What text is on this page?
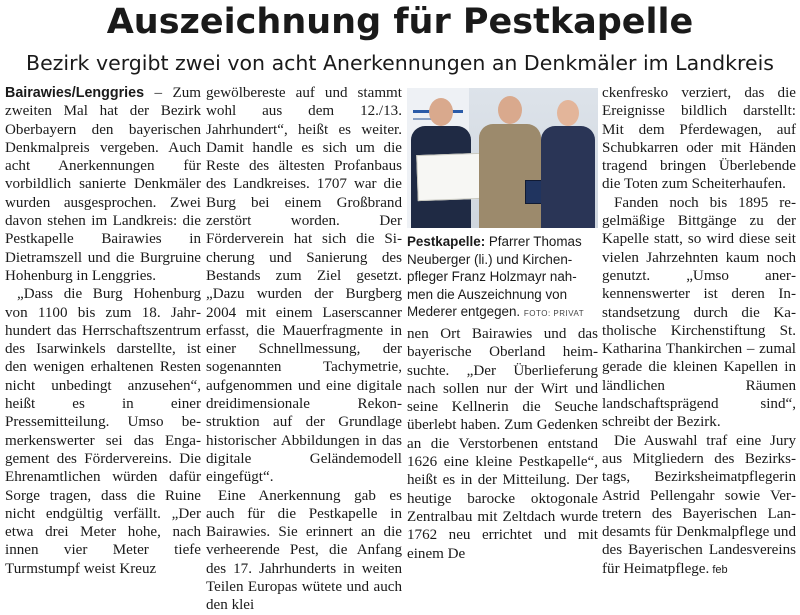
Auszeichnung für Pestkapelle
Bezirk vergibt zwei von acht Anerkennungen an Denkmäler im Landkreis

Bairawies/Lenggries – Zum zweiten Mal hat der Bezirk Oberbayern den bayerischen Denkmalpreis vergeben. Auch acht Anerkennungen für vorbildlich sanierte Denkmäler wurden ausgesprochen. Zwei davon stehen im Landkreis: die Pestkapelle Bairawies in Dietramszell und die Burgruine Hohenburg in Lenggries.

„Dass die Burg Hohenburg von 1100 bis zum 18. Jahrhundert das Herrschaftszentrum des Isarwinkels darstellte, ist den wenigen erhaltenen Resten nicht unbedingt anzusehen“, heißt es in einer Pressemitteilung. Umso bemerkenswerter sei das Engagement des Fördervereins. Die Ehrenamtlichen würden dafür Sorge tragen, dass die Ruine nicht endgültig verfällt. „Der etwa drei Meter hohe, nach innen vier Meter tiefe Turmstumpf weist Kreuz

gewölbereste auf und stammt wohl aus dem 12./13. Jahrhundert“, heißt es weiter. Damit handle es sich um die Reste des ältesten Profanbaus des Landkreises. 1707 war die Burg bei einem Großbrand zerstört worden. Der Förderverein hat sich die Sicherung und Sanierung des Bestands zum Ziel gesetzt. „Dazu wurden der Burgberg 2004 mit einem Laserscanner erfasst, die Mauerfragmente in einer Schnellmessung, der sogenannten Tachymetrie, aufgenommen und eine digitale dreidimensionale Rekonstruktion auf der Grundlage historischer Abbildungen in das digitale Geländemodell eingefügt“.

Eine Anerkennung gab es auch für die Pestkapelle in Bairawies. Sie erinnert an die verheerende Pest, die Anfang des 17. Jahrhunderts in weiten Teilen Europas wütete und auch den klei

Pestkapelle: Pfarrer Thomas Neuberger (li.) und Kirchenpfleger Franz Holzmayr nahmen die Auszeichnung von Mederer entgegen. FOTO: PRIVAT

nen Ort Bairawies und das bayerische Oberland heimsuchte. „Der Überlieferung nach sollen nur der Wirt und seine Kellnerin die Seuche überlebt haben. Zum Gedenken an die Verstorbenen entstand 1626 eine kleine Pestkapelle“, heißt es in der Mitteilung. Der heutige barocke oktogonale Zentralbau mit Zeltdach wurde 1762 neu errichtet und mit einem De

ckenfresko verziert, das die Ereignisse bildlich darstellt: Mit dem Pferdewagen, auf Schubkarren oder mit Händen tragend bringen Überlebende die Toten zum Scheiterhaufen.

Fanden noch bis 1895 regelmäßige Bittgänge zu der Kapelle statt, so wird diese seit vielen Jahrzehnten kaum noch genutzt. „Umso anerkennenswerter ist deren Instandsetzung durch die Katholische Kirchenstiftung St. Katharina Thankirchen – zumal gerade die kleinen Kapellen in ländlichen Räumen landschaftsprägend sind“, schreibt der Bezirk.

Die Auswahl traf eine Jury aus Mitgliedern des Bezirkstags, Bezirksheimatpflegerin Astrid Pellengahr sowie Vertretern des Bayerischen Landesamts für Denkmalpflege und des Bayerischen Landesvereins für Heimatpflege. feb
